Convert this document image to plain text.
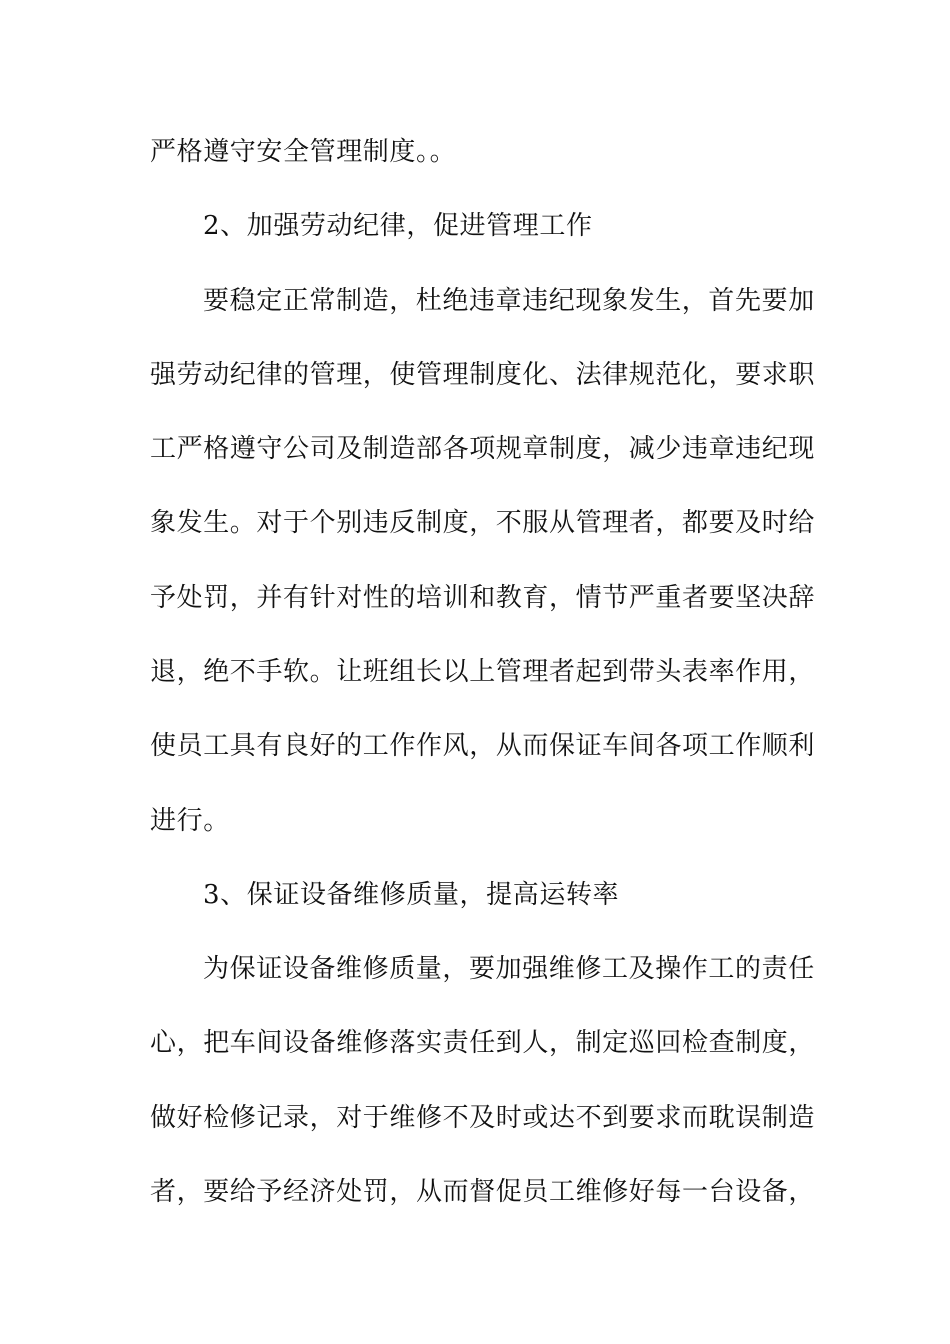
严格遵守安全管理制度。。
2、加强劳动纪律，促进管理工作
要稳定正常制造，杜绝违章违纪现象发生，首先要加
强劳动纪律的管理，使管理制度化、法律规范化，要求职
工严格遵守公司及制造部各项规章制度，减少违章违纪现
象发生。对于个别违反制度，不服从管理者，都要及时给
予处罚，并有针对性的培训和教育，情节严重者要坚决辞
退，绝不手软。让班组长以上管理者起到带头表率作用，
使员工具有良好的工作作风，从而保证车间各项工作顺利
进行。
3、保证设备维修质量，提高运转率
为保证设备维修质量，要加强维修工及操作工的责任
心，把车间设备维修落实责任到人，制定巡回检查制度，
做好检修记录，对于维修不及时或达不到要求而耽误制造
者，要给予经济处罚，从而督促员工维修好每一台设备，
